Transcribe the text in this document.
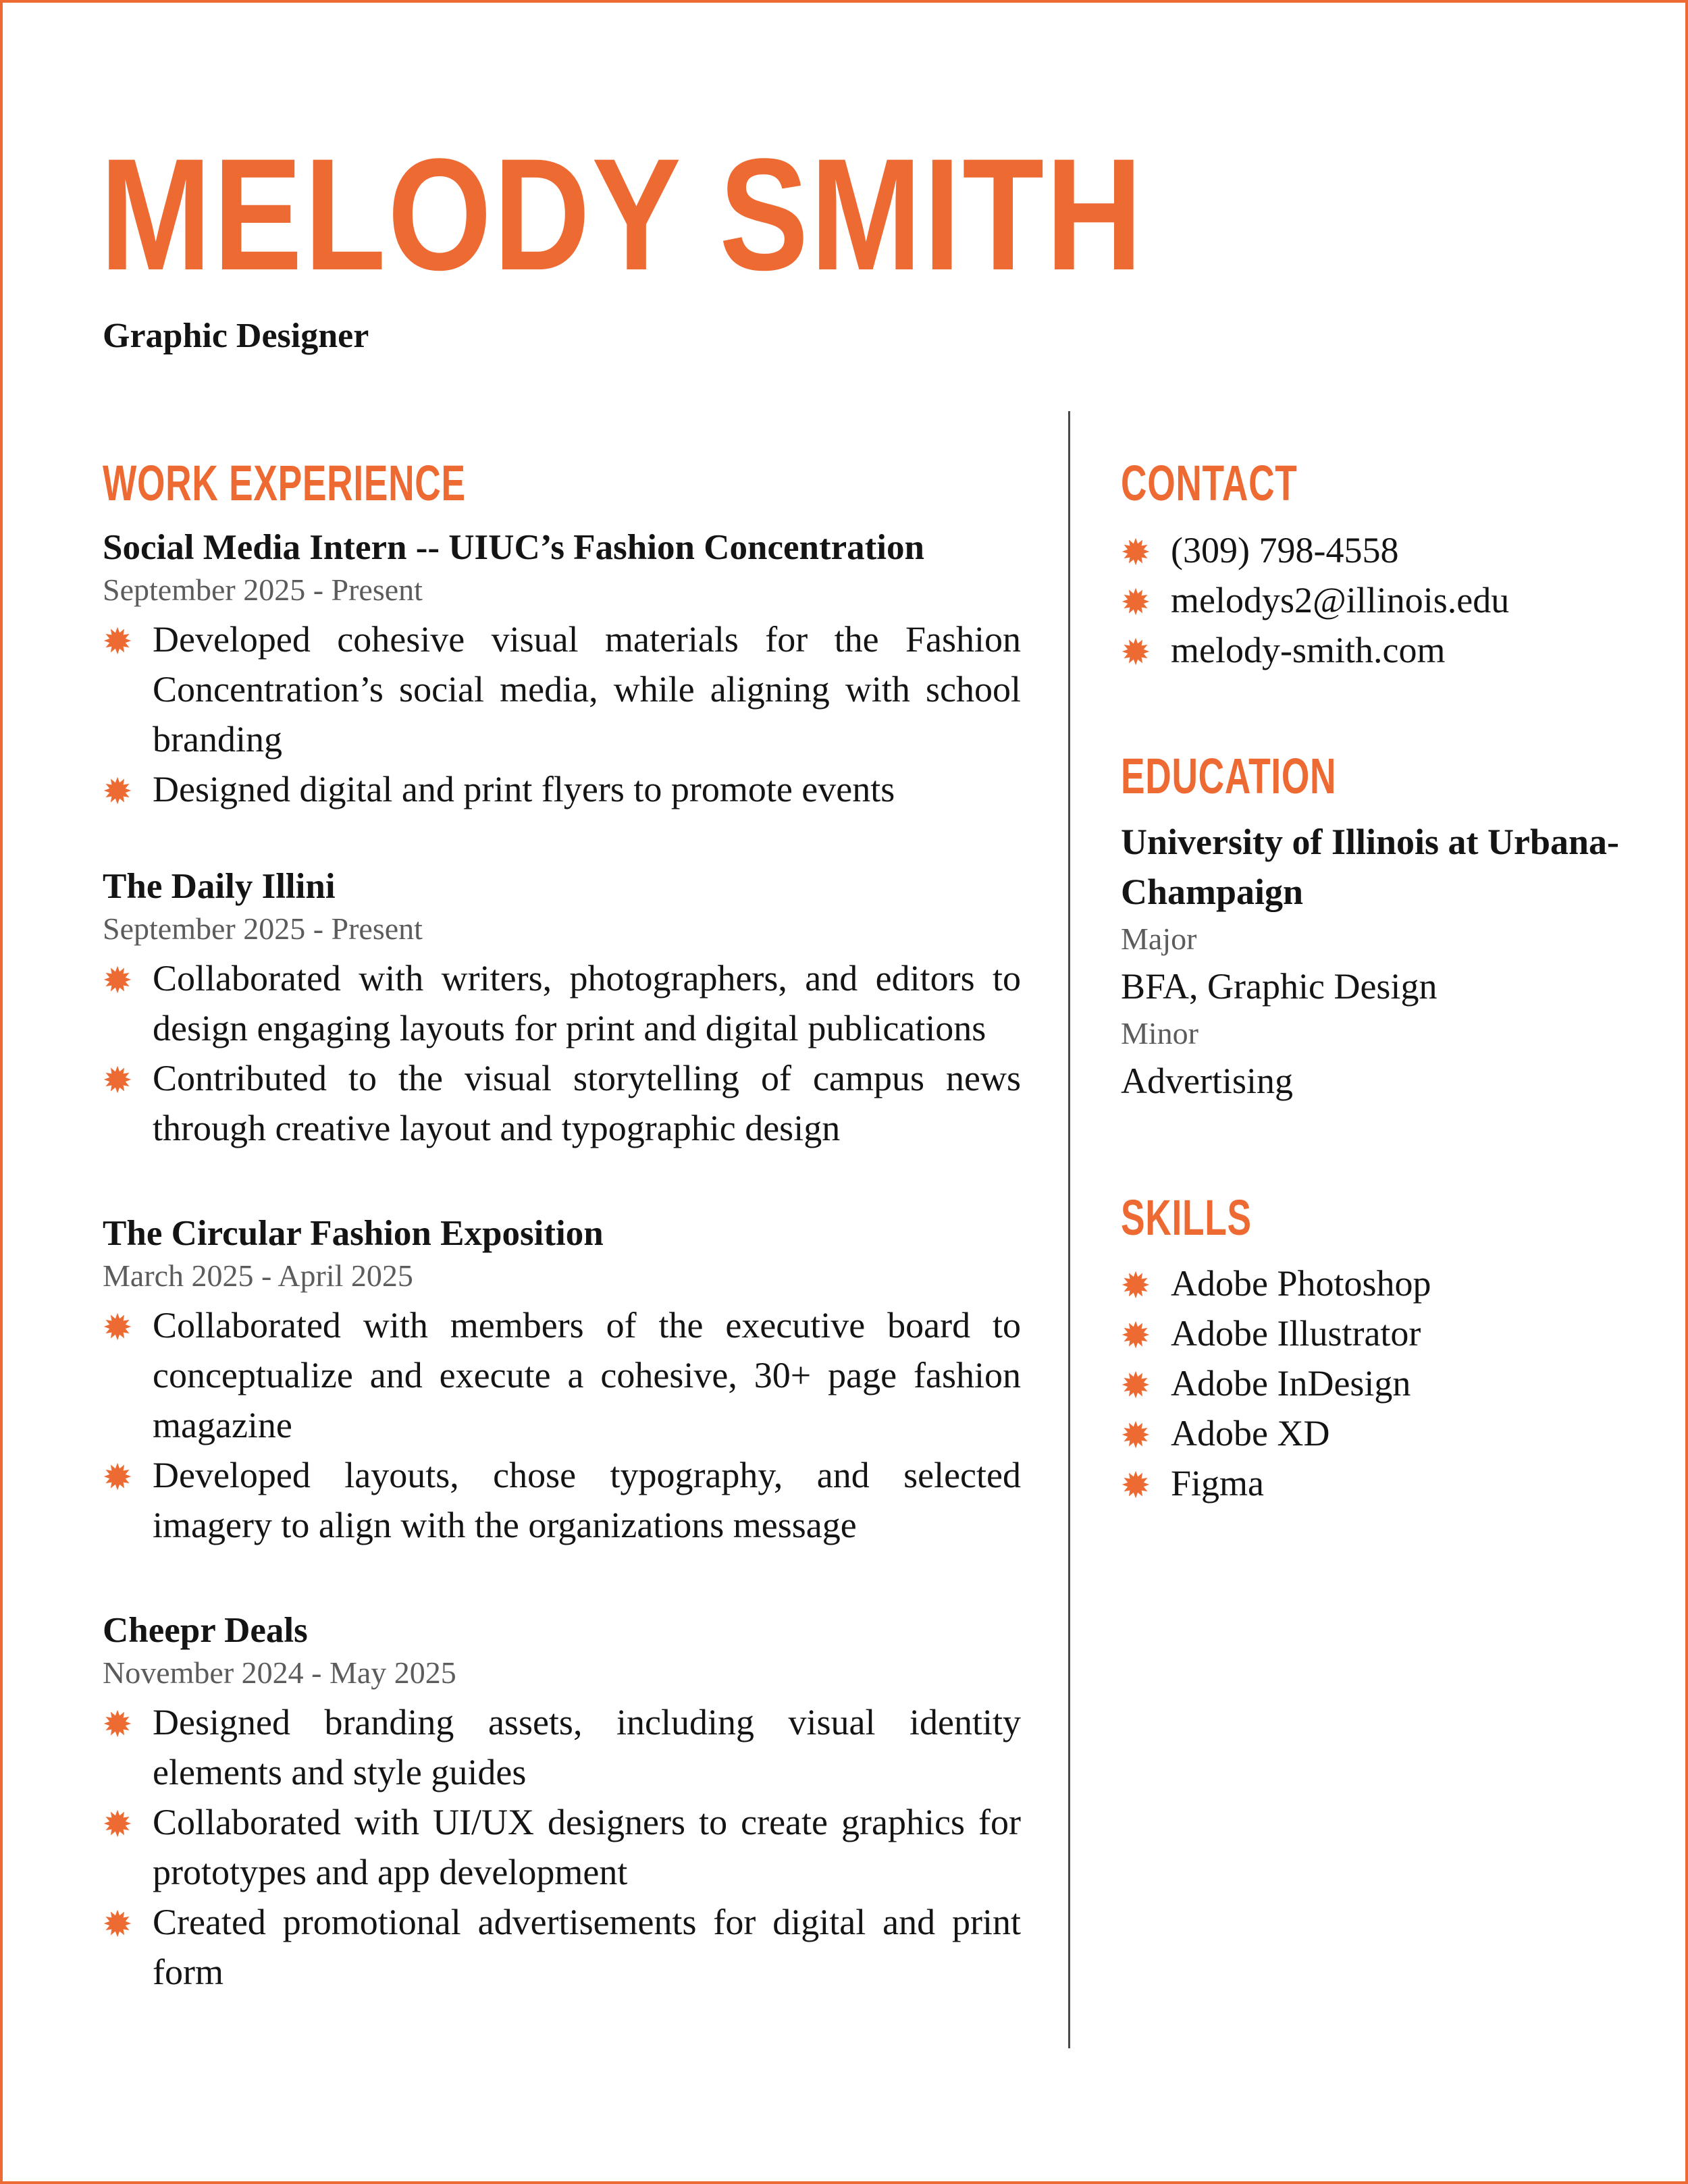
MELODY SMITH

Graphic Designer

WORK EXPERIENCE

Social Media Intern -- UIUC’s Fashion Concentration

September 2025 - Present

Developed cohesive visual materials for the Fashion Concentration’s social media, while aligning with school branding
Designed digital and print flyers to promote events

The Daily Illini

September 2025 - Present

Collaborated with writers, photographers, and editors to design engaging layouts for print and digital publications
Contributed to the visual storytelling of campus news through creative layout and typographic design

The Circular Fashion Exposition

March 2025 - April 2025

Collaborated with members of the executive board to conceptualize and execute a cohesive, 30+ page fashion magazine
Developed layouts, chose typography, and selected imagery to align with the organizations message

Cheepr Deals

November 2024 - May 2025

Designed branding assets, including visual identity elements and style guides
Collaborated with UI/UX designers to create graphics for prototypes and app development
Created promotional advertisements for digital and print form
CONTACT
(309) 798-4558
melodys2@illinois.edu
melody-smith.com
EDUCATION

University of Illinois at Urbana-Champaign

Major

BFA, Graphic Design

Minor

Advertising

SKILLS
Adobe Photoshop
Adobe Illustrator
Adobe InDesign
Adobe XD
Figma
